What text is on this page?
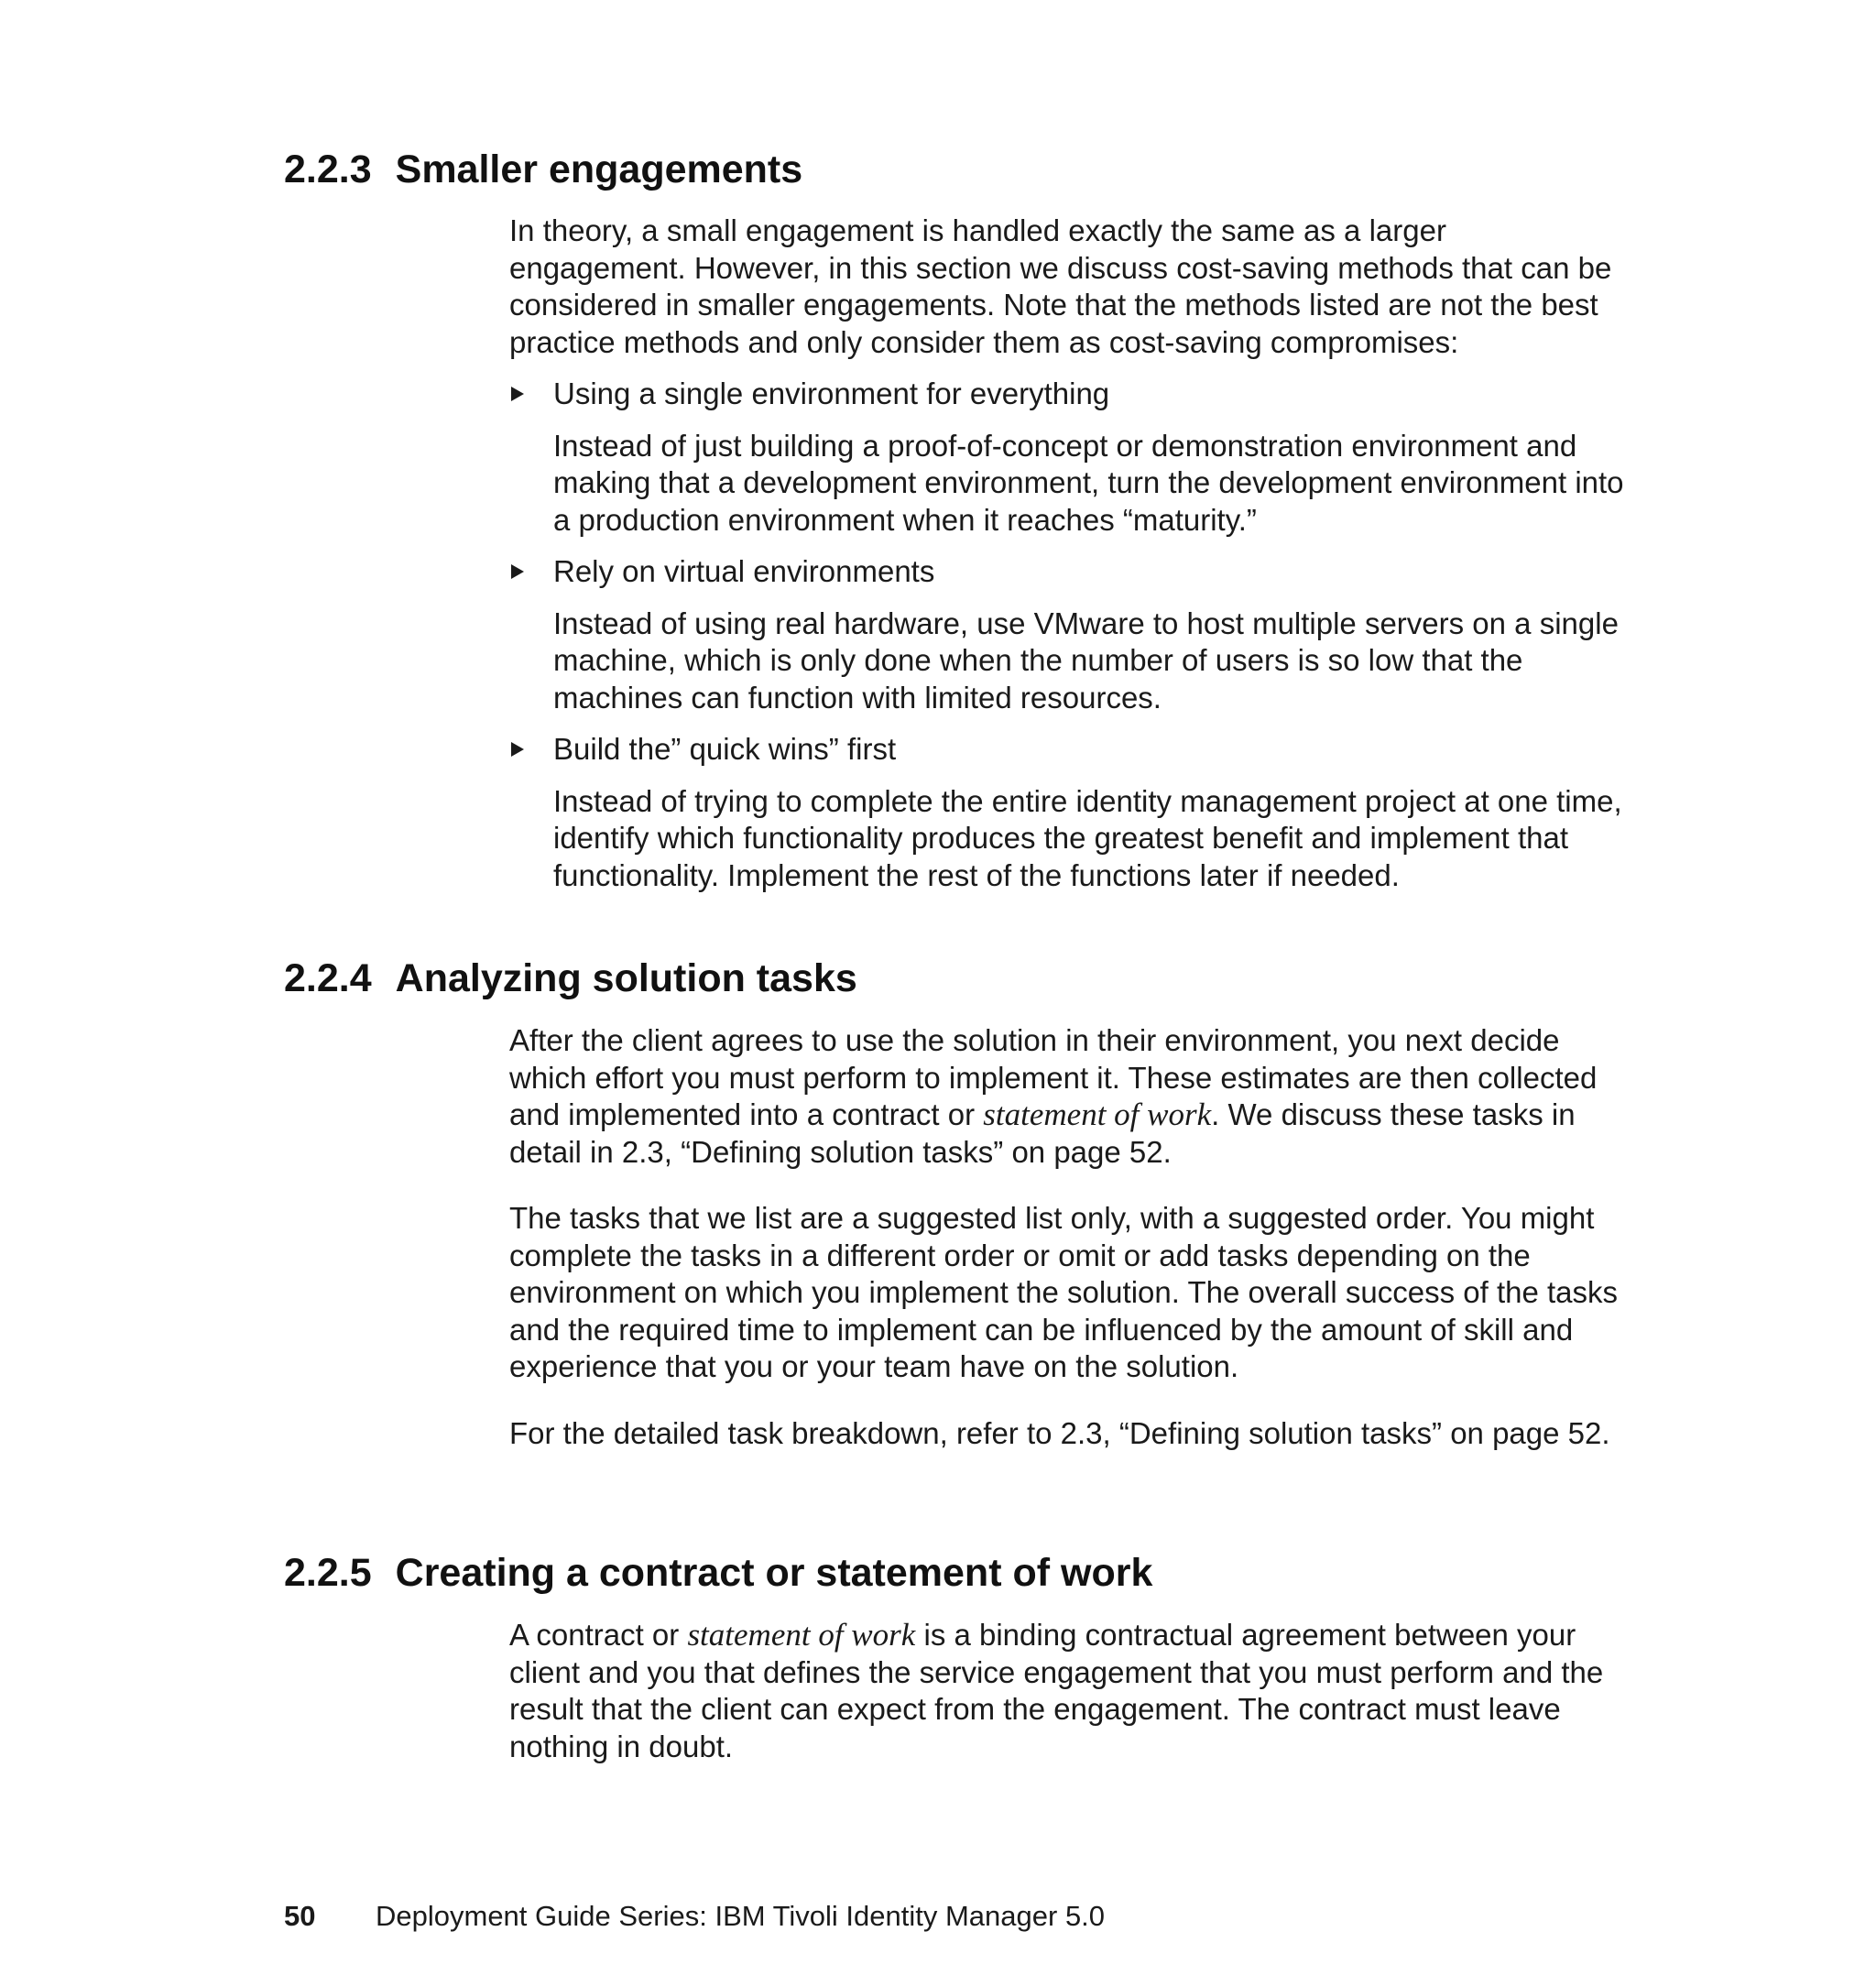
2.2.3 Smaller engagements

In theory, a small engagement is handled exactly the same as a larger engagement. However, in this section we discuss cost-saving methods that can be considered in smaller engagements. Note that the methods listed are not the best practice methods and only consider them as cost-saving compromises:

Using a single environment for everything
Instead of just building a proof-of-concept or demonstration environment and making that a development environment, turn the development environment into a production environment when it reaches “maturity.”
Rely on virtual environments
Instead of using real hardware, use VMware to host multiple servers on a single machine, which is only done when the number of users is so low that the machines can function with limited resources.
Build the” quick wins” first
Instead of trying to complete the entire identity management project at one time, identify which functionality produces the greatest benefit and implement that functionality. Implement the rest of the functions later if needed.
2.2.4 Analyzing solution tasks

After the client agrees to use the solution in their environment, you next decide which effort you must perform to implement it. These estimates are then collected and implemented into a contract or statement of work. We discuss these tasks in detail in 2.3, “Defining solution tasks” on page 52.

The tasks that we list are a suggested list only, with a suggested order. You might complete the tasks in a different order or omit or add tasks depending on the environment on which you implement the solution. The overall success of the tasks and the required time to implement can be influenced by the amount of skill and experience that you or your team have on the solution.

For the detailed task breakdown, refer to 2.3, “Defining solution tasks” on page 52.

2.2.5 Creating a contract or statement of work

A contract or statement of work is a binding contractual agreement between your client and you that defines the service engagement that you must perform and the result that the client can expect from the engagement. The contract must leave nothing in doubt.

50 Deployment Guide Series: IBM Tivoli Identity Manager 5.0
